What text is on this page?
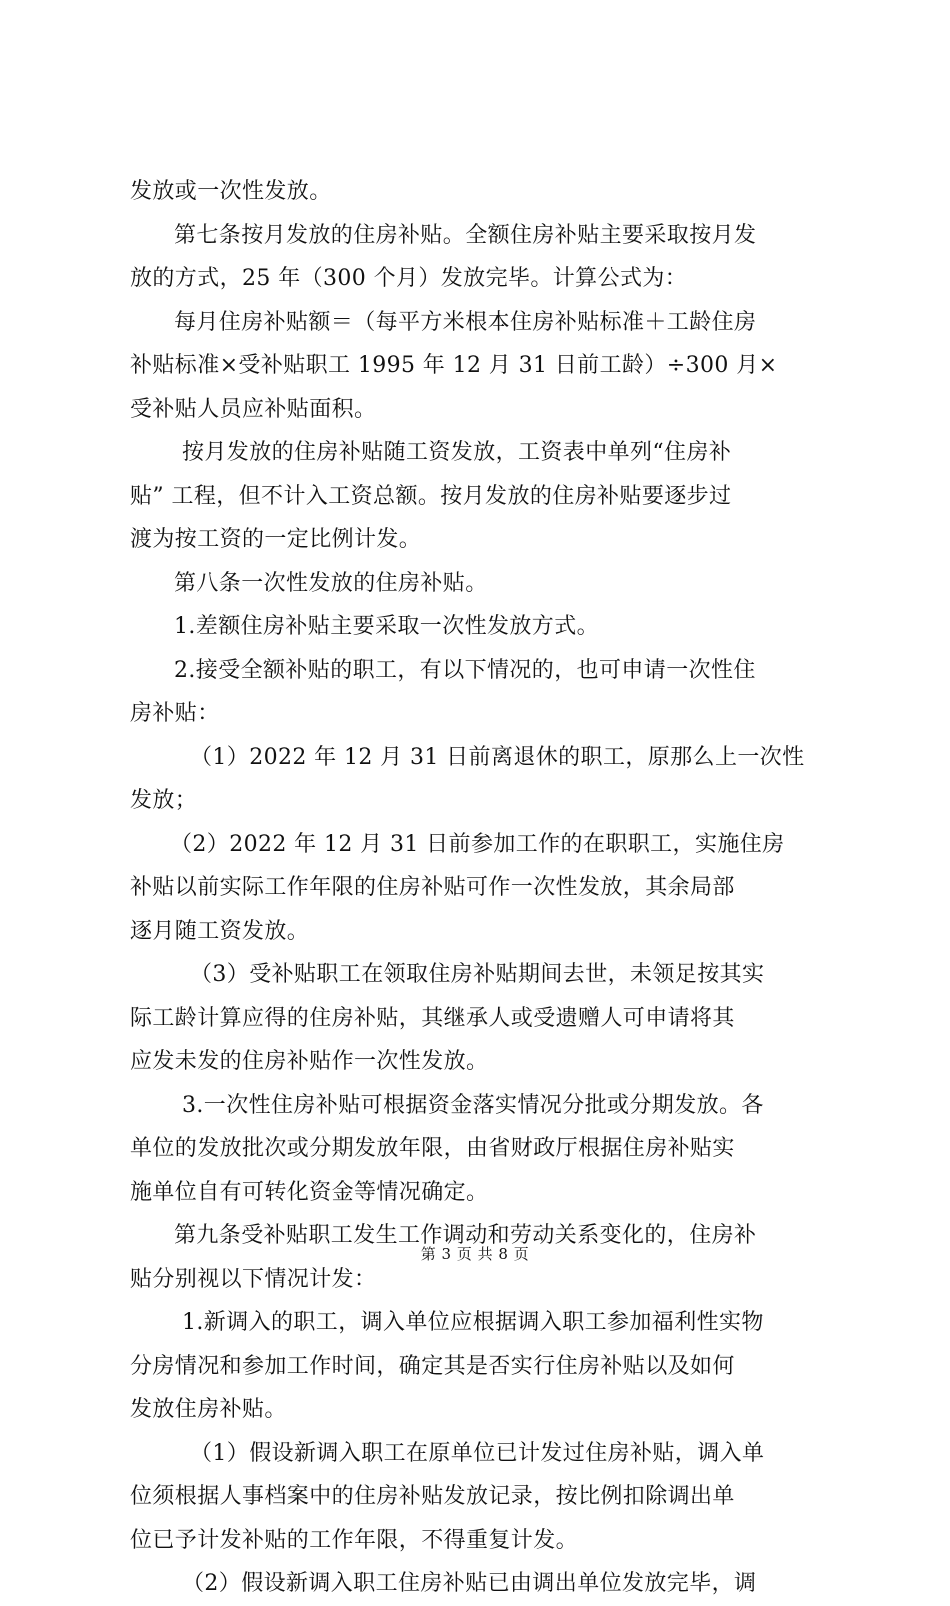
发放或一次性发放。
第七条按月发放的住房补贴。全额住房补贴主要采取按月发
放的方式，25 年（300 个月）发放完毕。计算公式为：
每月住房补贴额＝（每平方米根本住房补贴标准＋工龄住房
补贴标准×受补贴职工 1995 年 12 月 31 日前工龄）÷300 月×
受补贴人员应补贴面积。
按月发放的住房补贴随工资发放，工资表中单列“住房补
贴” 工程，但不计入工资总额。按月发放的住房补贴要逐步过
渡为按工资的一定比例计发。
第八条一次性发放的住房补贴。
1.差额住房补贴主要采取一次性发放方式。
2.接受全额补贴的职工，有以下情况的，也可申请一次性住
房补贴：
（1）2022 年 12 月 31 日前离退休的职工，原那么上一次性
发放；
（2）2022 年 12 月 31 日前参加工作的在职职工，实施住房
补贴以前实际工作年限的住房补贴可作一次性发放，其余局部
逐月随工资发放。
（3）受补贴职工在领取住房补贴期间去世，未领足按其实
际工龄计算应得的住房补贴，其继承人或受遗赠人可申请将其
应发未发的住房补贴作一次性发放。
3.一次性住房补贴可根据资金落实情况分批或分期发放。各
单位的发放批次或分期发放年限，由省财政厅根据住房补贴实
施单位自有可转化资金等情况确定。
第九条受补贴职工发生工作调动和劳动关系变化的，住房补
贴分别视以下情况计发：
1.新调入的职工，调入单位应根据调入职工参加福利性实物
分房情况和参加工作时间，确定其是否实行住房补贴以及如何
发放住房补贴。
（1）假设新调入职工在原单位已计发过住房补贴，调入单
位须根据人事档案中的住房补贴发放记录，按比例扣除调出单
位已予计发补贴的工作年限，不得重复计发。
（2）假设新调入职工住房补贴已由调出单位发放完毕，调
第 3 页 共 8 页
